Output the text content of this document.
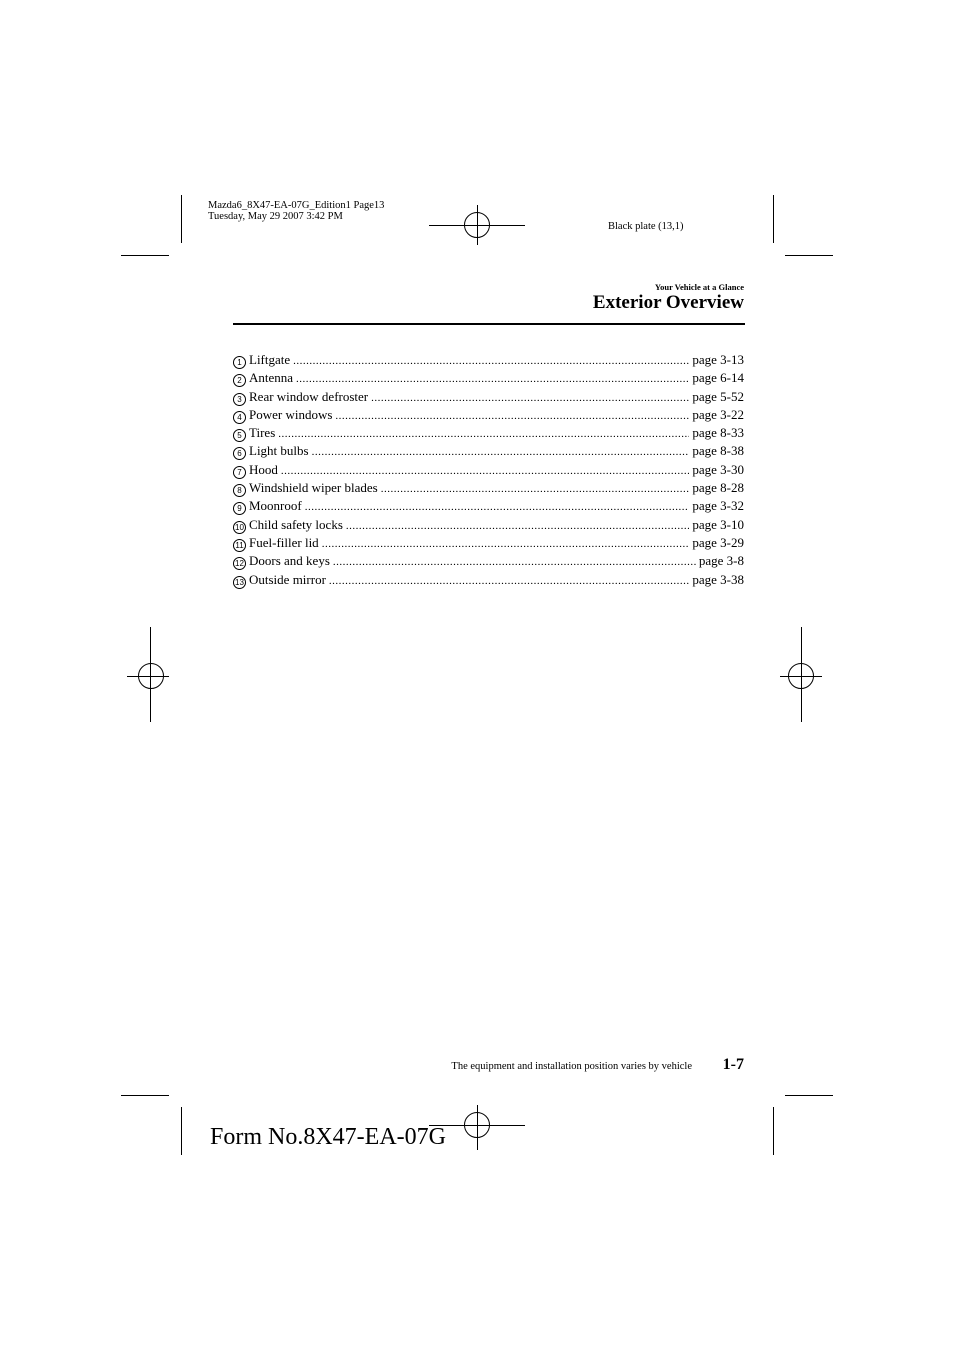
Mazda6_8X47-EA-07G_Edition1 Page13
Tuesday, May 29 2007 3:42 PM
Black plate (13,1)
Your Vehicle at a Glance
Exterior Overview
1 Liftgate .....	page 3-13
2 Antenna .....	page 6-14
3 Rear window defroster .....	page 5-52
4 Power windows .....	page 3-22
5 Tires .....	page 8-33
6 Light bulbs .....	page 8-38
7 Hood .....	page 3-30
8 Windshield wiper blades .....	page 8-28
9 Moonroof .....	page 3-32
10 Child safety locks .....	page 3-10
11 Fuel-filler lid .....	page 3-29
12 Doors and keys .....	page 3-8
13 Outside mirror .....	page 3-38
The equipment and installation position varies by vehicle 1-7
Form No.8X47-EA-07G
